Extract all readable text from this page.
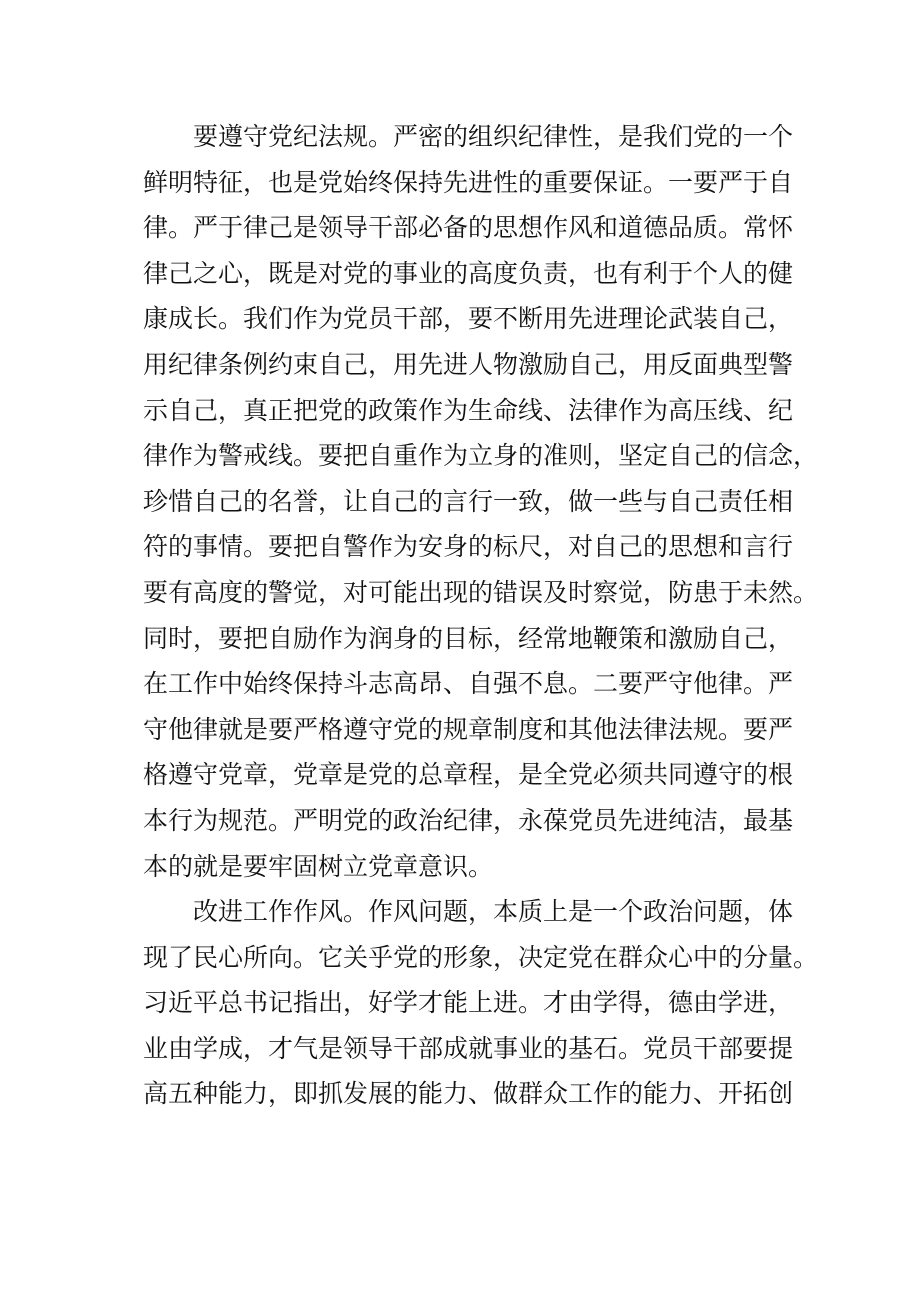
要遵守党纪法规。严密的组织纪律性，是我们党的一个
鲜明特征，也是党始终保持先进性的重要保证。一要严于自
律。严于律己是领导干部必备的思想作风和道德品质。常怀
律己之心，既是对党的事业的高度负责，也有利于个人的健
康成长。我们作为党员干部，要不断用先进理论武装自己，
用纪律条例约束自己，用先进人物激励自己，用反面典型警
示自己，真正把党的政策作为生命线、法律作为高压线、纪
律作为警戒线。要把自重作为立身的准则，坚定自己的信念，
珍惜自己的名誉，让自己的言行一致，做一些与自己责任相
符的事情。要把自警作为安身的标尺，对自己的思想和言行
要有高度的警觉，对可能出现的错误及时察觉，防患于未然。
同时，要把自励作为润身的目标，经常地鞭策和激励自己，
在工作中始终保持斗志高昂、自强不息。二要严守他律。严
守他律就是要严格遵守党的规章制度和其他法律法规。要严
格遵守党章，党章是党的总章程，是全党必须共同遵守的根
本行为规范。严明党的政治纪律，永葆党员先进纯洁，最基
本的就是要牢固树立党章意识。
改进工作作风。作风问题，本质上是一个政治问题，体
现了民心所向。它关乎党的形象，决定党在群众心中的分量。
习近平总书记指出，好学才能上进。才由学得，德由学进，
业由学成，才气是领导干部成就事业的基石。党员干部要提
高五种能力，即抓发展的能力、做群众工作的能力、开拓创
